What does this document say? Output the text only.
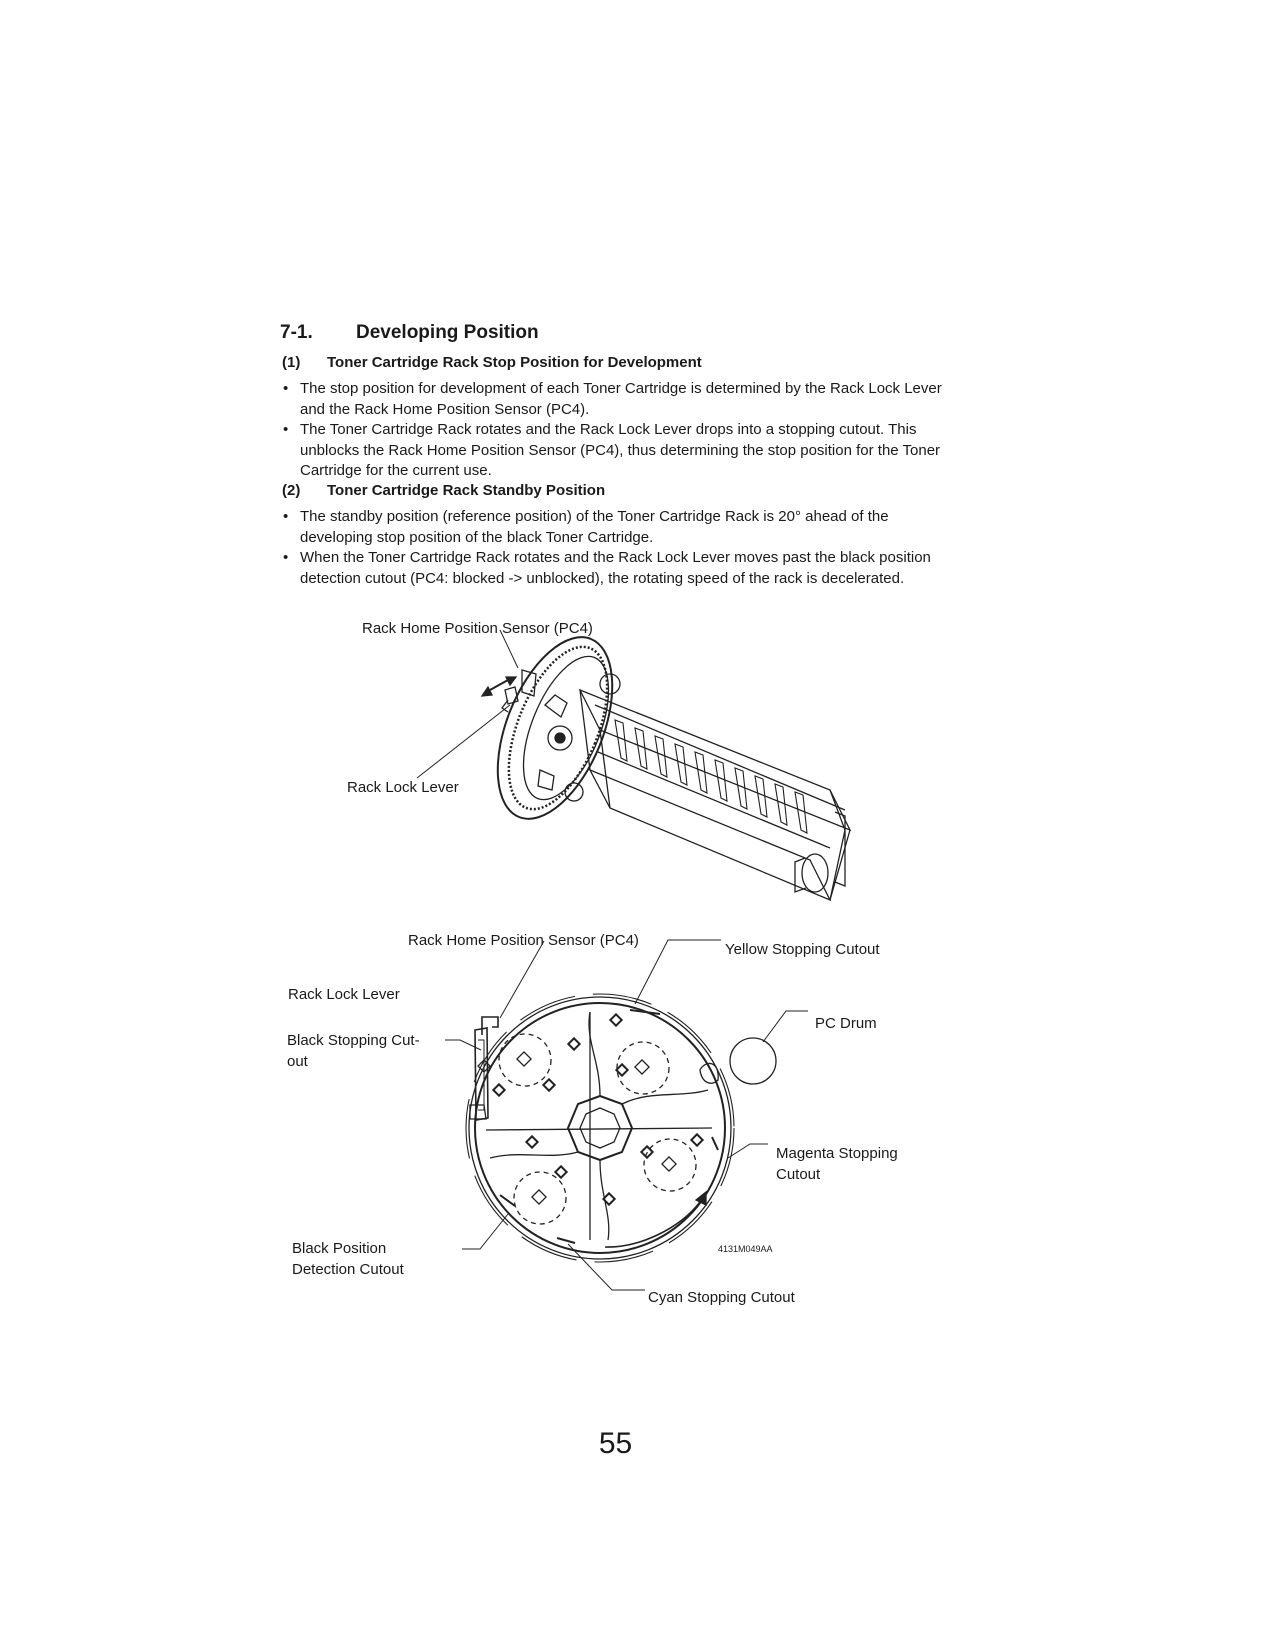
7-1. Developing Position
(1) Toner Cartridge Rack Stop Position for Development
• The stop position for development of each Toner Cartridge is determined by the Rack Lock Lever and the Rack Home Position Sensor (PC4).
• The Toner Cartridge Rack rotates and the Rack Lock Lever drops into a stopping cutout. This unblocks the Rack Home Position Sensor (PC4), thus determining the stop position for the Toner Cartridge for the current use.
(2) Toner Cartridge Rack Standby Position
• The standby position (reference position) of the Toner Cartridge Rack is 20° ahead of the developing stop position of the black Toner Cartridge.
• When the Toner Cartridge Rack rotates and the Rack Lock Lever moves past the black position detection cutout (PC4: blocked -> unblocked), the rotating speed of the rack is decelerated.
Rack Home Position Sensor (PC4)
Rack Lock Lever
Rack Home Position Sensor (PC4)
Yellow Stopping Cutout
Rack Lock Lever
Black Stopping Cut-
out
PC Drum
Magenta Stopping
Cutout
Black Position
Detection Cutout
Cyan Stopping Cutout
4131M049AA
55
